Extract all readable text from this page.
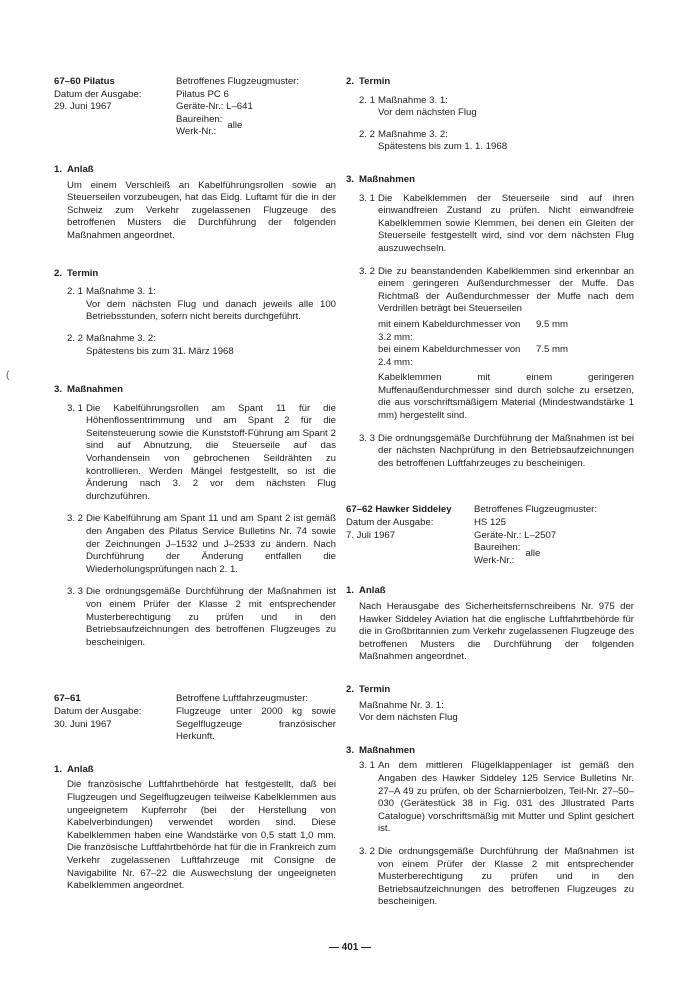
67–60 Pilatus
Datum der Ausgabe:
29. Juni 1967
Betroffenes Flugzeugmuster:
Pilatus PC 6
Geräte-Nr.: L–641
Baureihen:
Werk-Nr.:
alle
1. Anlaß

Um einem Verschleiß an Kabelführungsrollen sowie an Steuerseilen vorzubeugen, hat das Eidg. Luftamt für die in der Schweiz zum Verkehr zugelassenen Flugzeuge des betroffenen Musters die Durchführung der folgenden Maßnahmen angeordnet.

2. Termin
2. 1 Maßnahme 3. 1:

Vor dem nächsten Flug und danach jeweils alle 100 Betriebsstunden, sofern nicht bereits durchgeführt.

2. 2 Maßnahme 3. 2:

Spätestens bis zum 31. März 1968

3. Maßnahmen
3. 1 Die Kabelführungsrollen am Spant 11 für die Höhenflossentrimmung und am Spant 2 für die Seitensteuerung sowie die Kunststoff-Führung am Spant 2 sind auf Abnutzung, die Steuerseile auf das Vorhandensein von gebrochenen Seildrähten zu kontrollieren. Werden Mängel festgestellt, so ist die Änderung nach 3. 2 vor dem nächsten Flug durchzuführen.

3. 2 Die Kabelführung am Spant 11 und am Spant 2 ist gemäß den Angaben des Pilatus Service Bulletins Nr. 74 sowie der Zeichnungen J–1532 und J–2533 zu ändern. Nach Durchführung der Änderung entfallen die Wiederholungsprüfungen nach 2. 1.

3. 3 Die ordnungsgemäße Durchführung der Maßnahmen ist von einem Prüfer der Klasse 2 mit entsprechender Musterberechtigung zu prüfen und in den Betriebsaufzeichnungen des betroffenen Flugzeuges zu bescheinigen.

67–61
Datum der Ausgabe:
30. Juni 1967
Betroffene Luftfahrzeugmuster:
Flugzeuge unter 2000 kg sowie Segelflugzeuge französischer Herkunft.
1. Anlaß

Die französische Luftfahrtbehörde hat festgestellt, daß bei Flugzeugen und Segelflugzeugen teilweise Kabelklemmen aus ungeeignetem Kupferrohr (bei der Herstellung von Kabelverbindungen) verwendet worden sind. Diese Kabelklemmen haben eine Wandstärke von 0,5 statt 1,0 mm. Die französische Luftfahrtbehörde hat für die in Frankreich zum Verkehr zugelassenen Luftfahrzeuge mit Consigne de Navigabilite Nr. 67–22 die Auswechslung der ungeeigneten Kabelklemmen angeordnet.

2. Termin
2. 1 Maßnahme 3. 1:

Vor dem nächsten Flug

2. 2 Maßnahme 3. 2:

Spätestens bis zum 1. 1. 1968

3. Maßnahmen
3. 1 Die Kabelklemmen der Steuerseile sind auf ihren einwandfreien Zustand zu prüfen. Nicht einwandfreie Kabelklemmen sowie Klemmen, bei denen ein Gleiten der Steuerseile festgestellt wird, sind vor dem nächsten Flug auszuwechseln.

3. 2 Die zu beanstandenden Kabelklemmen sind erkennbar an einem geringeren Außendurchmesser der Muffe. Das Richtmaß der Außendurchmesser der Muffe nach dem Verdrillen beträgt bei Steuerseilen

mit einem Kabeldurchmesser von 3.2 mm:
9.5 mm
bei einem Kabeldurchmesser von 2.4 mm:
7.5 mm

Kabelklemmen mit einem geringeren Muffenaußendurchmesser sind durch solche zu ersetzen, die aus vorschriftsmäßigem Material (Mindestwandstärke 1 mm) hergestellt sind.

3. 3 Die ordnungsgemäße Durchführung der Maßnahmen ist bei der nächsten Nachprüfung in den Betriebsaufzeichnungen des betroffenen Luftfahrzeuges zu bescheinigen.

67–62 Hawker Siddeley
Datum der Ausgabe:
7. Juli 1967
Betroffenes Flugzeugmuster:
HS 125
Geräte-Nr.: L–2507
Baureihen:
Werk-Nr.:
alle
1. Anlaß

Nach Herausgabe des Sicherheitsfernschreibens Nr. 975 der Hawker Siddeley Aviation hat die englische Luftfahrtbehörde für die in Großbritannien zum Verkehr zugelassenen Flugzeuge des betroffenen Musters die Durchführung der folgenden Maßnahmen angeordnet.

2. Termin

Maßnahme Nr. 3. 1:

Vor dem nächsten Flug

3. Maßnahmen
3. 1 An dem mittleren Flügelklappenlager ist gemäß den Angaben des Hawker Siddeley 125 Service Bulletins Nr. 27–A 49 zu prüfen, ob der Scharnierbolzen, Teil-Nr. 27–50–030 (Gerätestück 38 in Fig. 031 des Jllustrated Parts Catalogue) vorschriftsmäßig mit Mutter und Splint gesichert ist.

3. 2 Die ordnungsgemäße Durchführung der Maßnahmen ist von einem Prüfer der Klasse 2 mit entsprechender Musterberechtigung zu prüfen und in den Betriebsaufzeichnungen des betroffenen Flugzeuges zu bescheinigen.

(
— 401 —
